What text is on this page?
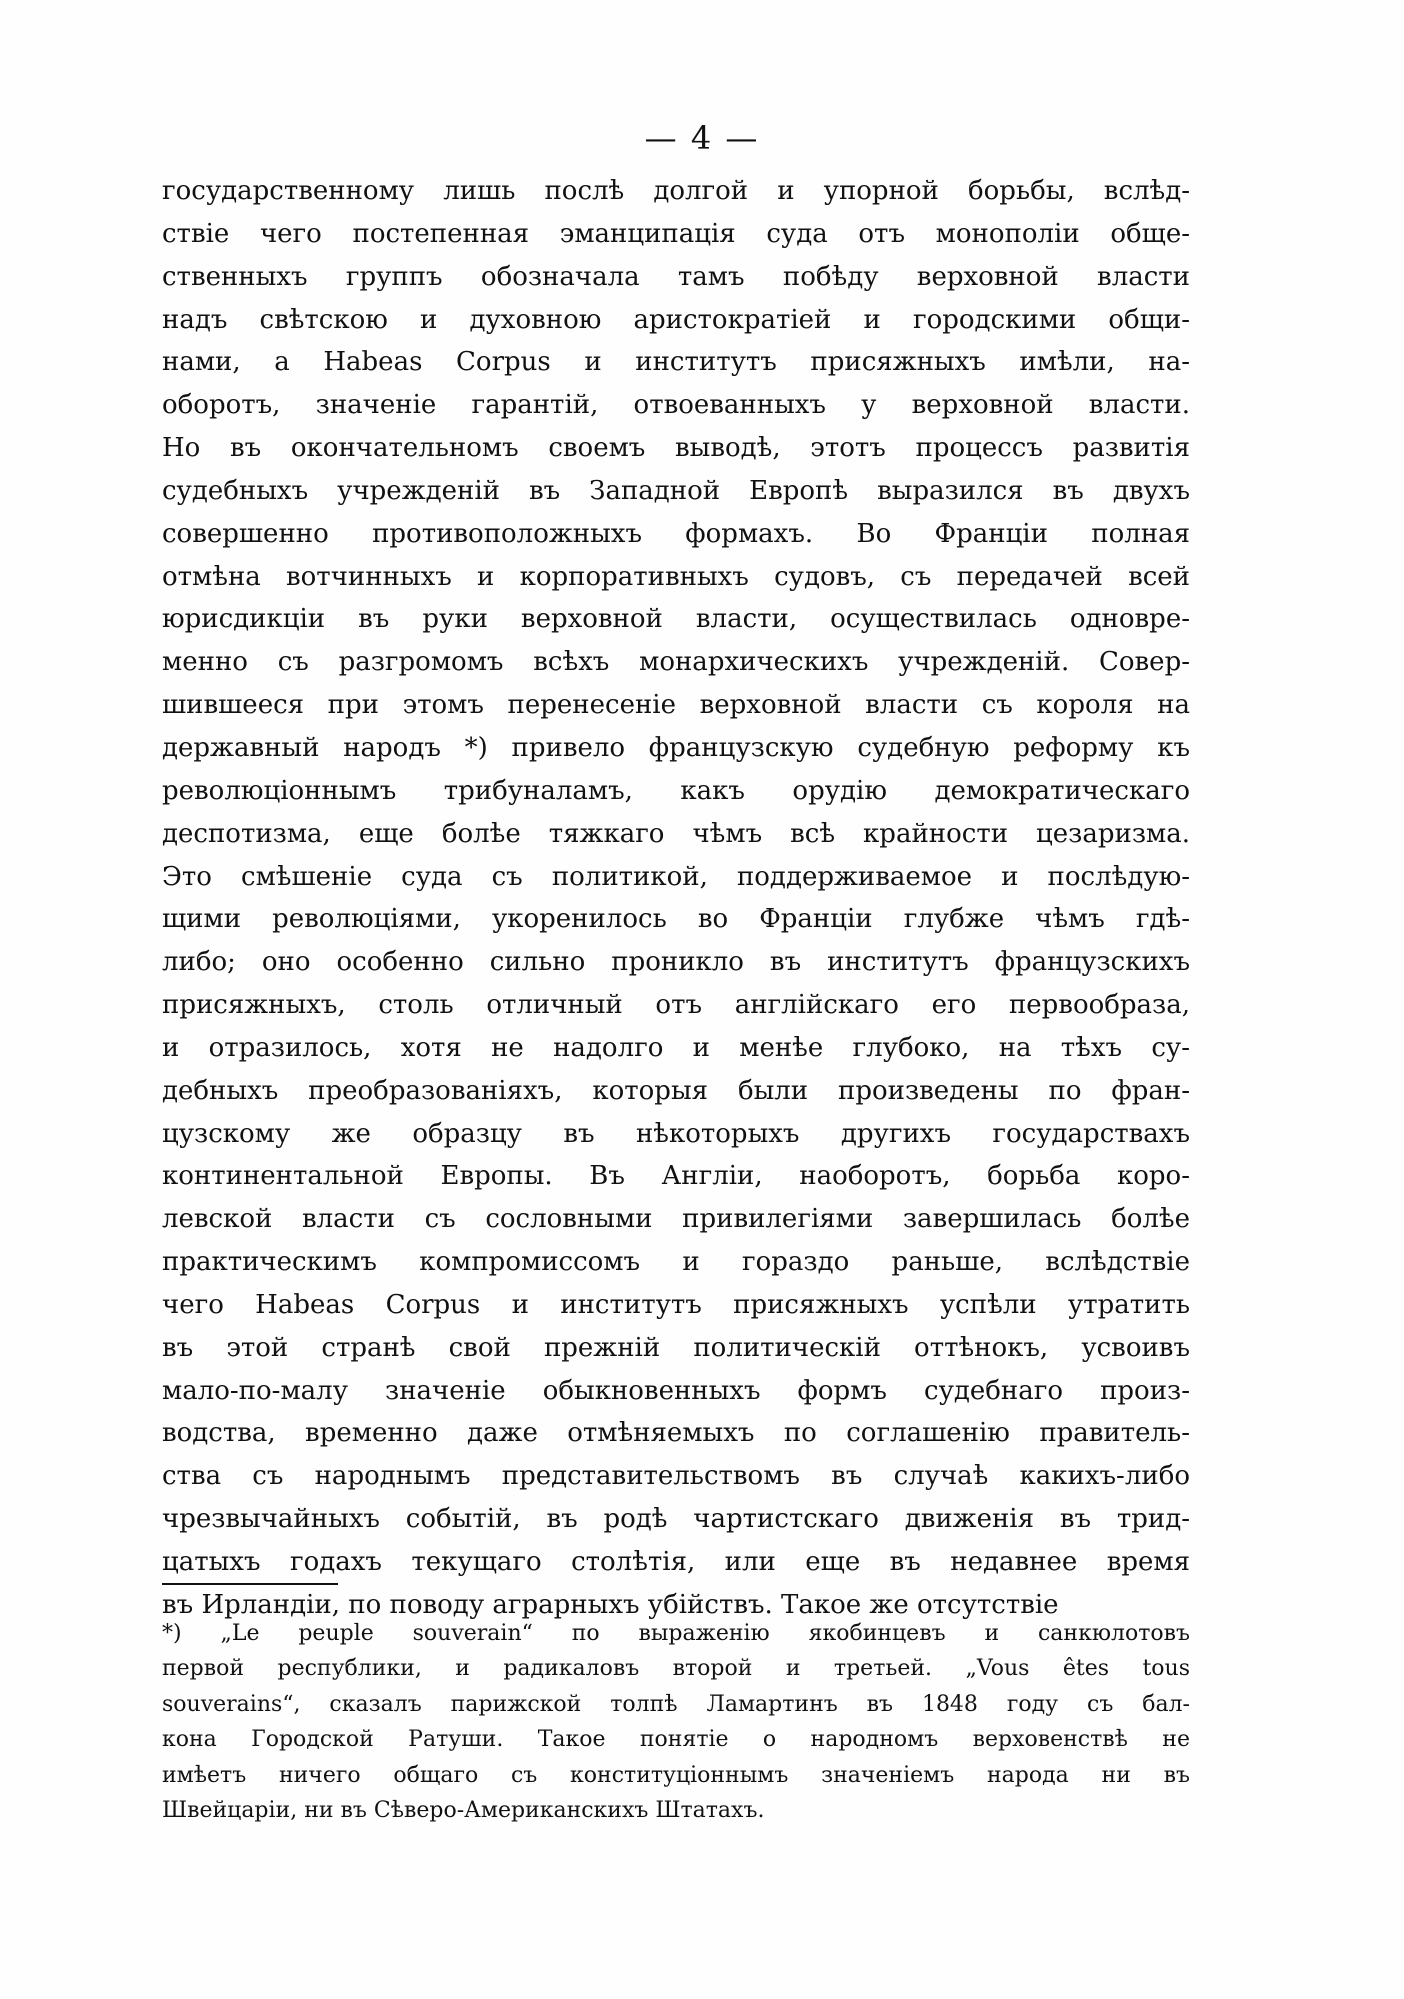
— 4 —
государственному лишь послѣ долгой и упорной борьбы, вслѣд-
ствіе чего постепенная эманципація суда отъ монополіи обще-
ственныхъ группъ обозначала тамъ побѣду верховной власти
надъ свѣтскою и духовною аристократіей и городскими общи-
нами, а Habeas Corpus и институтъ присяжныхъ имѣли, на-
оборотъ, значеніе гарантій, отвоеванныхъ у верховной власти.
Но въ окончательномъ своемъ выводѣ, этотъ процессъ развитія
судебныхъ учрежденій въ Западной Европѣ выразился въ двухъ
совершенно противоположныхъ формахъ. Во Франціи полная
отмѣна вотчинныхъ и корпоративныхъ судовъ, съ передачей всей
юрисдикціи въ руки верховной власти, осуществилась одновре-
менно съ разгромомъ всѣхъ монархическихъ учрежденій. Совер-
шившееся при этомъ перенесеніе верховной власти съ короля на
державный народъ *) привело французскую судебную реформу къ
революціоннымъ трибуналамъ, какъ орудію демократическаго
деспотизма, еще болѣе тяжкаго чѣмъ всѣ крайности цезаризма.
Это смѣшеніе суда съ политикой, поддерживаемое и послѣдую-
щими революціями, укоренилось во Франціи глубже чѣмъ гдѣ-
либо; оно особенно сильно проникло въ институтъ французскихъ
присяжныхъ, столь отличный отъ англійскаго его первообраза,
и отразилось, хотя не надолго и менѣе глубоко, на тѣхъ су-
дебныхъ преобразованіяхъ, которыя были произведены по фран-
цузскому же образцу въ нѣкоторыхъ другихъ государствахъ
континентальной Европы. Въ Англіи, наоборотъ, борьба коро-
левской власти съ сословными привилегіями завершилась болѣе
практическимъ компромиссомъ и гораздо раньше, вслѣдствіе
чего Habeas Corpus и институтъ присяжныхъ успѣли утратить
въ этой странѣ свой прежній политическій оттѣнокъ, усвоивъ
мало-по-малу значеніе обыкновенныхъ формъ судебнаго произ-
водства, временно даже отмѣняемыхъ по соглашенію правитель-
ства съ народнымъ представительствомъ въ случаѣ какихъ-либо
чрезвычайныхъ событій, въ родѣ чартистскаго движенія въ трид-
цатыхъ годахъ текущаго столѣтія, или еще въ недавнее время
въ Ирландіи, по поводу аграрныхъ убійствъ. Такое же отсутствіе
*) „Le peuple souverain“ по выраженію якобинцевъ и санкюлотовъ
первой республики, и радикаловъ второй и третьей. „Vous êtes tous
souverains“, сказалъ парижской толпѣ Ламартинъ въ 1848 году съ бал-
кона Городской Ратуши. Такое понятіе о народномъ верховенствѣ не
имѣетъ ничего общаго съ конституціоннымъ значеніемъ народа ни въ
Швейцаріи, ни въ Сѣверо-Американскихъ Штатахъ.
